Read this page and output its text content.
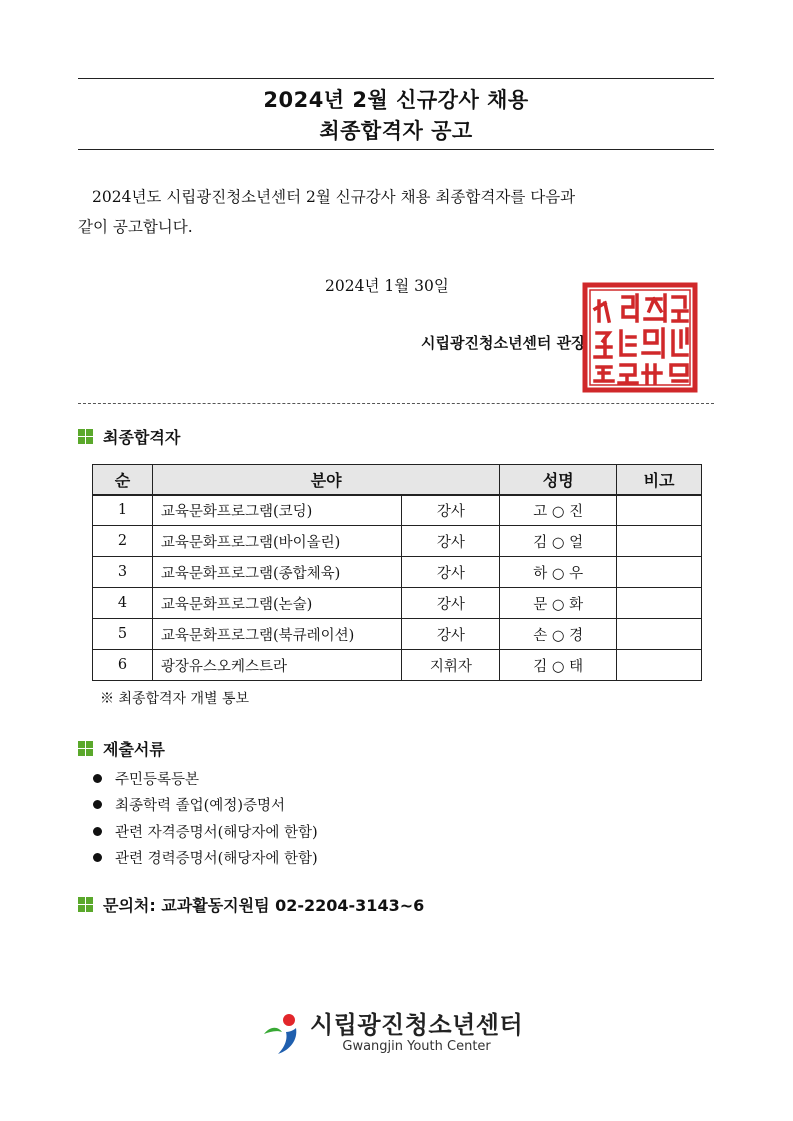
2024년 2월 신규강사 채용
최종합격자 공고
2024년도 시립광진청소년센터 2월 신규강사 채용 최종합격자를 다음과
같이 공고합니다.
2024년 1월 30일
시립광진청소년센터 관장
최종합격자
순	분야		성명	비고
1	교육문화프로그램(코딩)	강사	고 ○ 진	
2	교육문화프로그램(바이올린)	강사	김 ○ 얼	
3	교육문화프로그램(종합체육)	강사	하 ○ 우	
4	교육문화프로그램(논술)	강사	문 ○ 화	
5	교육문화프로그램(북큐레이션)	강사	손 ○ 경	
6	광장유스오케스트라	지휘자	김 ○ 태	
※ 최종합격자 개별 통보
제출서류
주민등록등본
최종학력 졸업(예정)증명서
관련 자격증명서(해당자에 한함)
관련 경력증명서(해당자에 한함)
문의처: 교과활동지원팀 02-2204-3143~6
시립광진청소년센터
Gwangjin Youth Center
